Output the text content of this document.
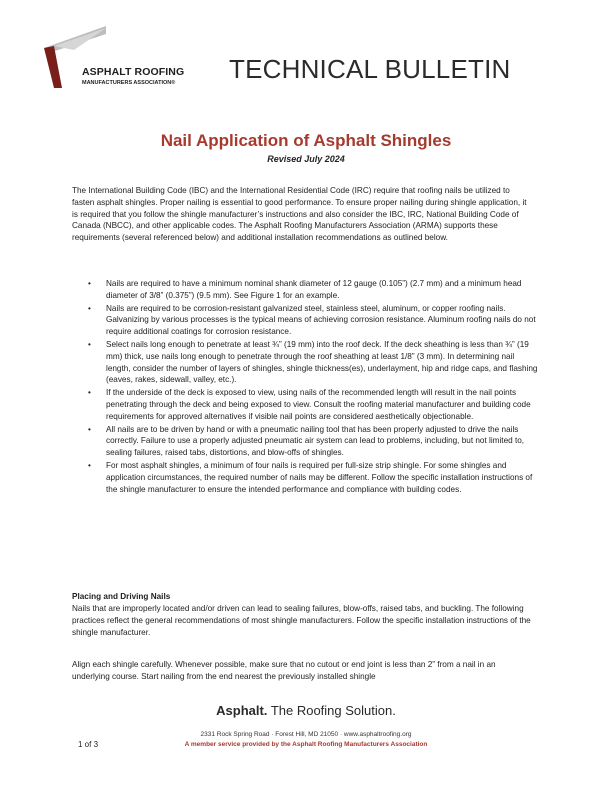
ASPHALT ROOFING
MANUFACTURERS ASSOCIATION® TECHNICAL BULLETIN
Nail Application of Asphalt Shingles
Revised July 2024
The International Building Code (IBC) and the International Residential Code (IRC) require that roofing nails be utilized to fasten asphalt shingles. Proper nailing is essential to good performance. To ensure proper nailing during shingle application, it is required that you follow the shingle manufacturer’s instructions and also consider the IBC, IRC, National Building Code of Canada (NBCC), and other applicable codes. The Asphalt Roofing Manufacturers Association (ARMA) supports these requirements (several referenced below) and additional installation recommendations as outlined below.
• Nails are required to have a minimum nominal shank diameter of 12 gauge (0.105”) (2.7 mm) and a minimum head diameter of 3/8” (0.375”) (9.5 mm). See Figure 1 for an example.
• Nails are required to be corrosion-resistant galvanized steel, stainless steel, aluminum, or copper roofing nails. Galvanizing by various processes is the typical means of achieving corrosion resistance. Aluminum roofing nails do not require additional coatings for corrosion resistance.
• Select nails long enough to penetrate at least ¾” (19 mm) into the roof deck. If the deck sheathing is less than ¾” (19 mm) thick, use nails long enough to penetrate through the roof sheathing at least 1/8” (3 mm). In determining nail length, consider the number of layers of shingles, shingle thickness(es), underlayment, hip and ridge caps, and flashing (eaves, rakes, sidewall, valley, etc.).
• If the underside of the deck is exposed to view, using nails of the recommended length will result in the nail points penetrating through the deck and being exposed to view. Consult the roofing material manufacturer and building code requirements for approved alternatives if visible nail points are considered aesthetically objectionable.
• All nails are to be driven by hand or with a pneumatic nailing tool that has been properly adjusted to drive the nails correctly. Failure to use a properly adjusted pneumatic air system can lead to problems, including, but not limited to, sealing failures, raised tabs, distortions, and blow-offs of shingles.
• For most asphalt shingles, a minimum of four nails is required per full-size strip shingle. For some shingles and application circumstances, the required number of nails may be different. Follow the specific installation instructions of the shingle manufacturer to ensure the intended performance and compliance with building codes.
Placing and Driving Nails
Nails that are improperly located and/or driven can lead to sealing failures, blow-offs, raised tabs, and buckling. The following practices reflect the general recommendations of most shingle manufacturers. Follow the specific installation instructions of the shingle manufacturer.
Align each shingle carefully. Whenever possible, make sure that no cutout or end joint is less than 2” from a nail in an underlying course. Start nailing from the end nearest the previously installed shingle
Asphalt. The Roofing Solution.
2331 Rock Spring Road · Forest Hill, MD 21050 · www.asphaltroofing.org
A member service provided by the Asphalt Roofing Manufacturers Association
1 of 3
